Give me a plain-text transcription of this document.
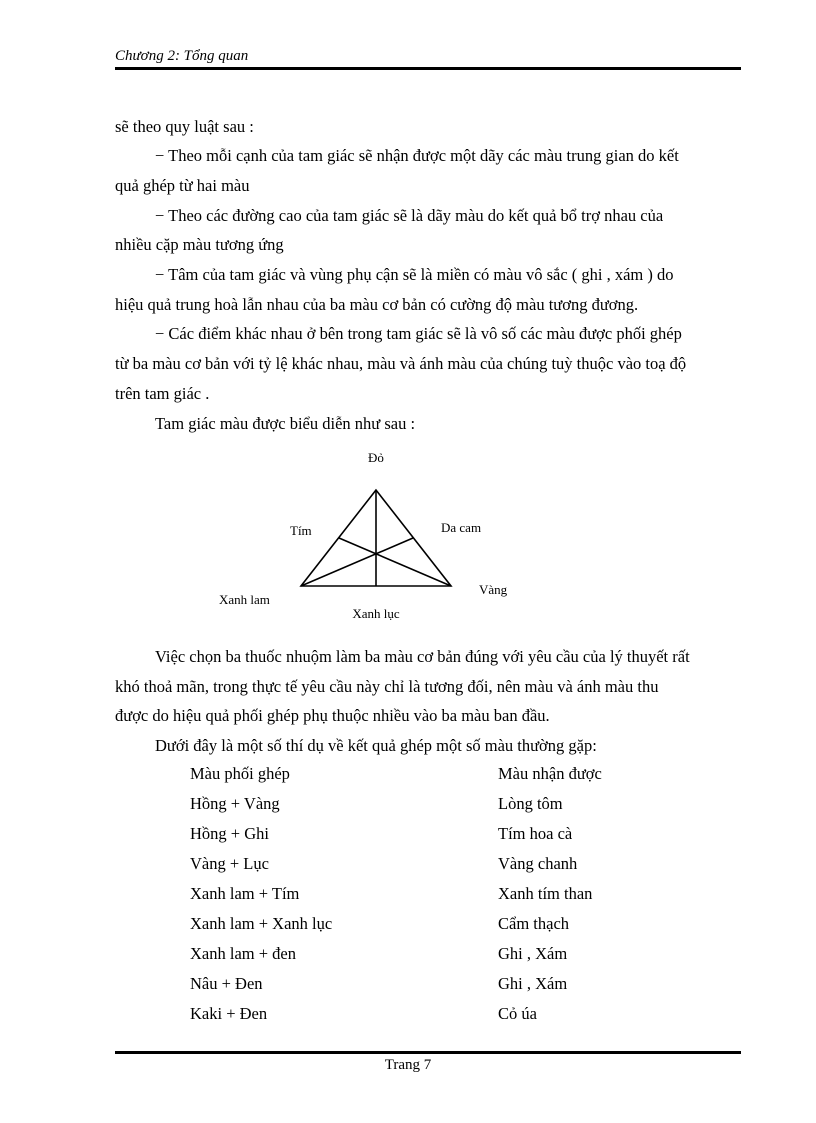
Chương 2: Tổng quan
sẽ theo quy luật sau :
− Theo mỗi cạnh của tam giác sẽ nhận được một dãy các màu trung gian do kết
quả ghép từ hai màu
− Theo các đường cao của tam giác sẽ là dãy màu do kết quả bổ trợ nhau của
nhiều cặp màu tương ứng
− Tâm của tam giác và vùng phụ cận sẽ là miền có màu vô sắc ( ghi , xám ) do
hiệu quả trung hoà lẫn nhau của ba màu cơ bản có cường độ màu tương đương.
− Các điểm khác nhau ở bên trong tam giác sẽ là vô số các màu được phối ghép
từ ba màu cơ bản với tỷ lệ khác nhau, màu và ánh màu của chúng tuỳ thuộc vào toạ độ
trên tam giác .
Tam giác màu được biểu diễn như sau :
Đỏ
Tím	Da cam
Xanh lam
Vàng
Xanh lục
Việc chọn ba thuốc nhuộm làm ba màu cơ bản đúng với yêu cầu của lý thuyết rất
khó thoả mãn, trong thực tế yêu cầu này chỉ là tương đối, nên màu và ánh màu thu
được do hiệu quả phối ghép phụ thuộc nhiều vào ba màu ban đầu.
Dưới đây là một số thí dụ về kết quả ghép một số màu thường gặp:
Màu phối ghép	Màu nhận được
Hồng + Vàng	Lòng tôm
Hồng + Ghi	Tím hoa cà
Vàng + Lục	Vàng chanh
Xanh lam + Tím	Xanh tím than
Xanh lam + Xanh lục	Cẩm thạch
Xanh lam + đen	Ghi , Xám
Nâu + Đen	Ghi , Xám
Kaki + Đen	Cỏ úa
Trang 7
